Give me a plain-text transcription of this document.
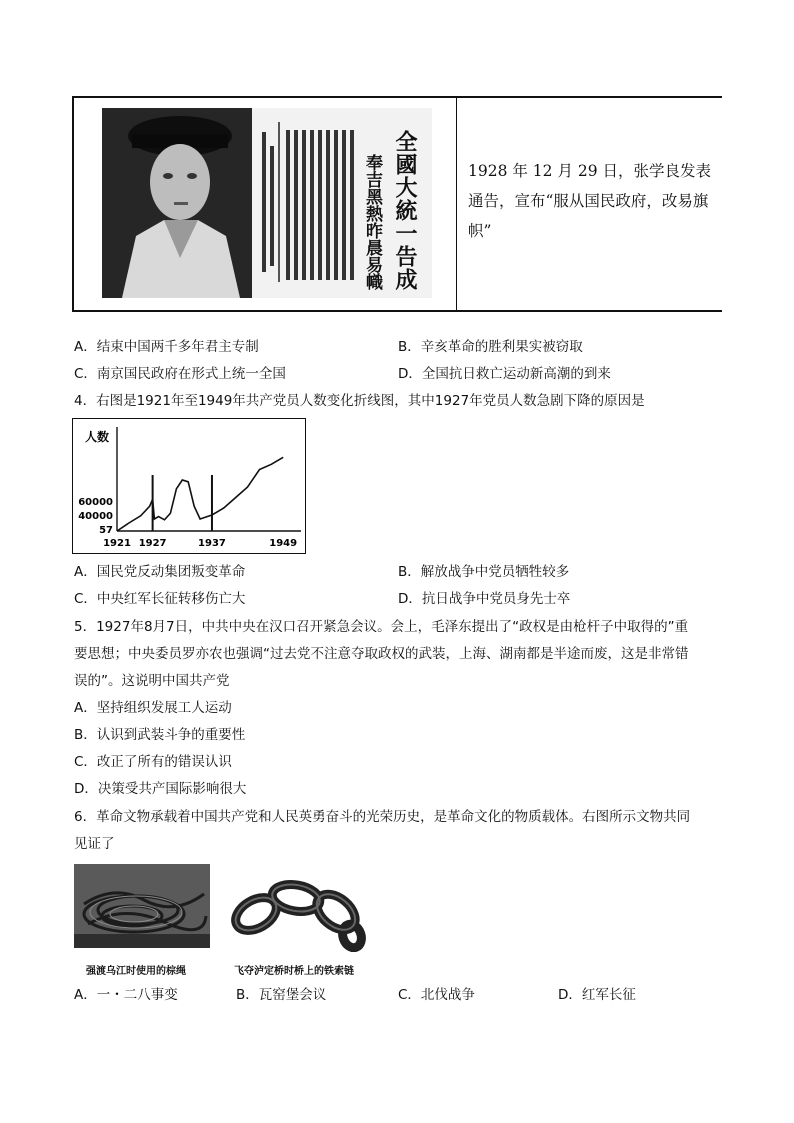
全國大統一告成
奉吉黑熱昨晨易幟	1928 年 12 月 29 日，张学良发表通告，宣布“服从国民政府，改易旗帜”
A．结束中国两千多年君主专制	B．辛亥革命的胜利果实被窃取
C．南京国民政府在形式上统一全国	D．全国抗日救亡运动新高潮的到来
4．右图是1921年至1949年共产党员人数变化折线图，其中1927年党员人数急剧下降的原因是
人数
60000
40000
57
1921 1927	1937	1949
A．国民党反动集团叛变革命	B．解放战争中党员牺牲较多
C．中央红军长征转移伤亡大	D．抗日战争中党员身先士卒
5．1927年8月7日，中共中央在汉口召开紧急会议。会上，毛泽东提出了“政权是由枪杆子中取得的”重
要思想；中央委员罗亦农也强调“过去党不注意夺取政权的武装，上海、湖南都是半途而废，这是非常错
误的”。这说明中国共产党
A．坚持组织发展工人运动
B．认识到武装斗争的重要性
C．改正了所有的错误认识
D．决策受共产国际影响很大
6．革命文物承载着中国共产党和人民英勇奋斗的光荣历史，是革命文化的物质载体。右图所示文物共同
见证了
强渡乌江时使用的棕绳	飞夺泸定桥时桥上的铁索链
A．一・二八事变	B．瓦窑堡会议	C．北伐战争	D．红军长征
